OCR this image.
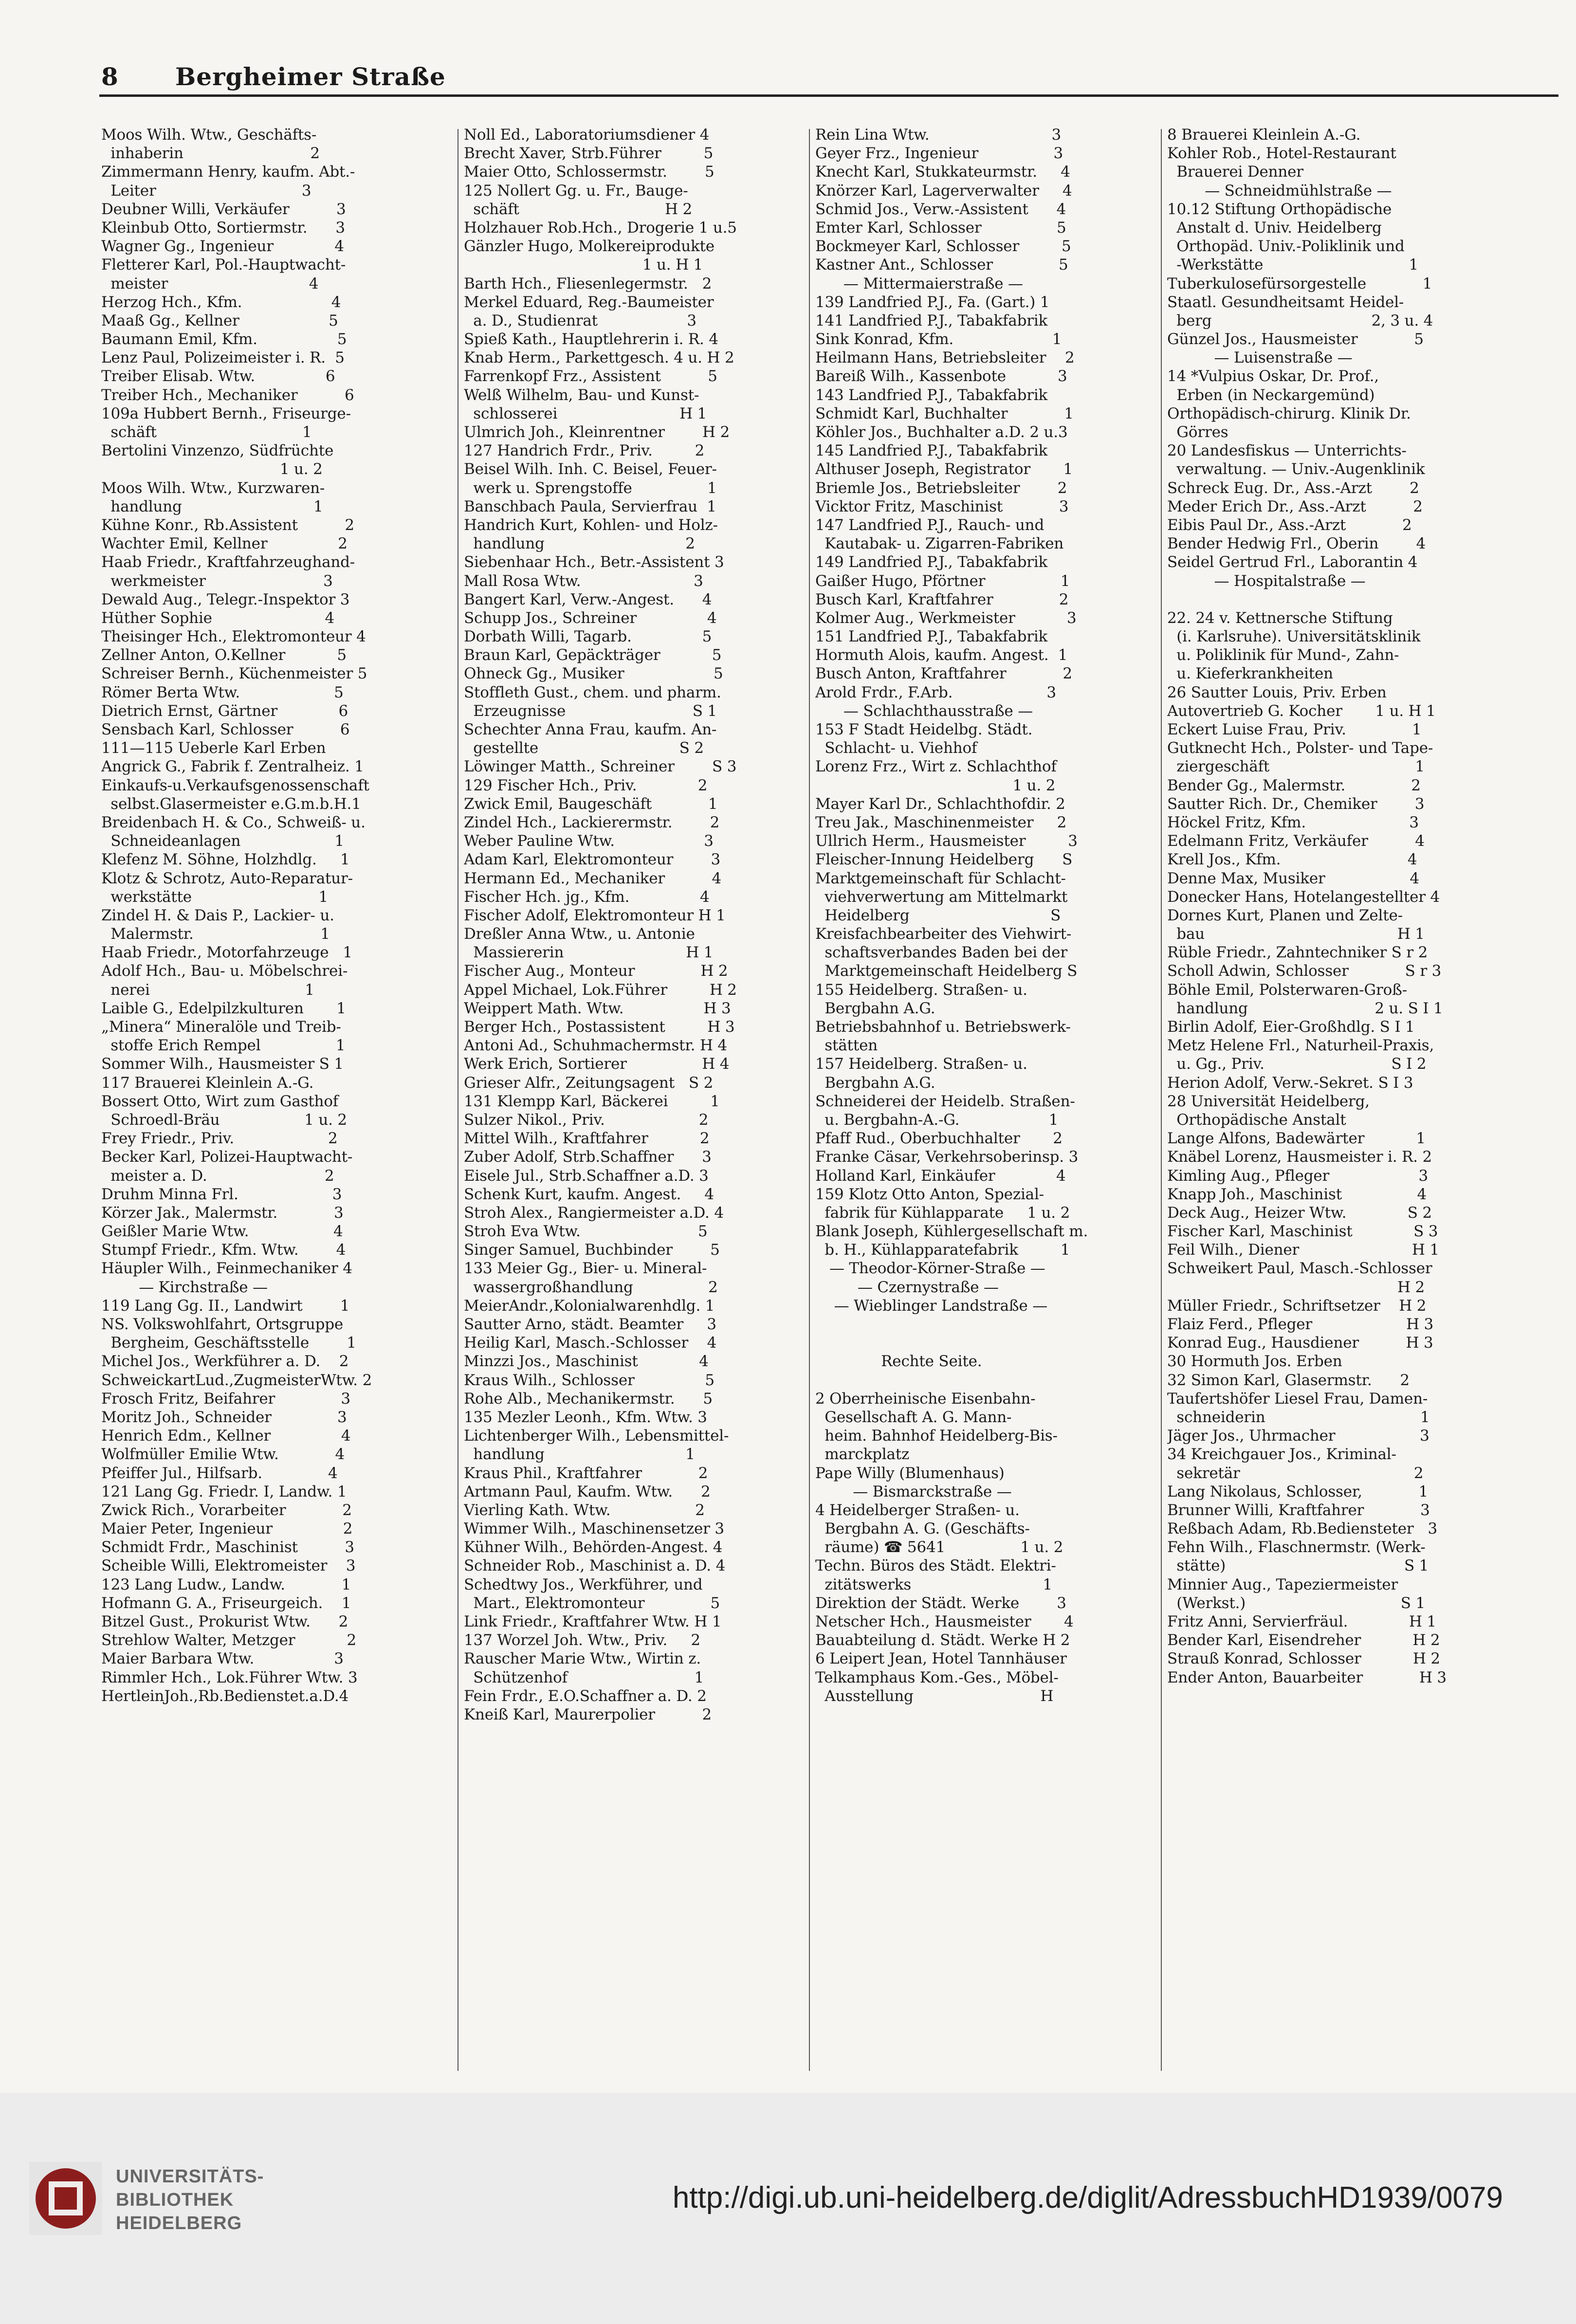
8 Bergheimer Straße
Moos Wilh. Wtw., Geschäfts-
inhaberin                           2
Zimmermann Henry, kaufm. Abt.-
Leiter                               3
Deubner Willi, Verkäufer          3
Kleinbub Otto, Sortiermstr.      3
Wagner Gg., Ingenieur             4
Fletterer Karl, Pol.-Hauptwacht-
meister                              4
Herzog Hch., Kfm.                   4
Maaß Gg., Kellner                   5
Baumann Emil, Kfm.                 5
Lenz Paul, Polizeimeister i. R.  5
Treiber Elisab. Wtw.               6
Treiber Hch., Mechaniker          6
109a Hubbert Bernh., Friseurge-
schäft                               1
Bertolini Vinzenzo, Südfrüchte
1 u. 2
Moos Wilh. Wtw., Kurzwaren-
handlung                            1
Kühne Konr., Rb.Assistent          2
Wachter Emil, Kellner               2
Haab Friedr., Kraftfahrzeughand-
werkmeister                         3
Dewald Aug., Telegr.-Inspektor 3
Hüther Sophie                        4
Theisinger Hch., Elektromonteur 4
Zellner Anton, O.Kellner           5
Schreiser Bernh., Küchenmeister 5
Römer Berta Wtw.                    5
Dietrich Ernst, Gärtner             6
Sensbach Karl, Schlosser          6
111—115 Ueberle Karl Erben
Angrick G., Fabrik f. Zentralheiz. 1
Einkaufs-u.Verkaufsgenossenschaft
selbst.Glasermeister e.G.m.b.H.1
Breidenbach H. & Co., Schweiß- u.
Schneideanlagen                    1
Klefenz M. Söhne, Holzhdlg.     1
Klotz & Schrotz, Auto-Reparatur-
werkstätte                           1
Zindel H. & Dais P., Lackier- u.
Malermstr.                           1
Haab Friedr., Motorfahrzeuge   1
Adolf Hch., Bau- u. Möbelschrei-
nerei                                 1
Laible G., Edelpilzkulturen       1
„Minera“ Mineralöle und Treib-
stoffe Erich Rempel                1
Sommer Wilh., Hausmeister S 1
117 Brauerei Kleinlein A.-G.
Bossert Otto, Wirt zum Gasthof
Schroedl-Bräu                  1 u. 2
Frey Friedr., Priv.                    2
Becker Karl, Polizei-Hauptwacht-
meister a. D.                         2
Druhm Minna Frl.                    3
Körzer Jak., Malermstr.            3
Geißler Marie Wtw.                  4
Stumpf Friedr., Kfm. Wtw.        4
Häupler Wilh., Feinmechaniker 4
— Kirchstraße —
119 Lang Gg. II., Landwirt        1
NS. Volkswohlfahrt, Ortsgruppe
Bergheim, Geschäftsstelle        1
Michel Jos., Werkführer a. D.    2
SchweickartLud.,ZugmeisterWtw. 2
Frosch Fritz, Beifahrer              3
Moritz Joh., Schneider              3
Henrich Edm., Kellner               4
Wolfmüller Emilie Wtw.            4
Pfeiffer Jul., Hilfsarb.              4
121 Lang Gg. Friedr. I, Landw. 1
Zwick Rich., Vorarbeiter            2
Maier Peter, Ingenieur               2
Schmidt Frdr., Maschinist          3
Scheible Willi, Elektromeister    3
123 Lang Ludw., Landw.            1
Hofmann G. A., Friseurgeich.    1
Bitzel Gust., Prokurist Wtw.      2
Strehlow Walter, Metzger           2
Maier Barbara Wtw.                 3
Rimmler Hch., Lok.Führer Wtw. 3
HertleinJoh.,Rb.Bedienstet.a.D.4
Noll Ed., Laboratoriumsdiener 4
Brecht Xaver, Strb.Führer         5
Maier Otto, Schlossermstr.        5
125 Nollert Gg. u. Fr., Bauge-
schäft                               H 2
Holzhauer Rob.Hch., Drogerie 1 u.5
Gänzler Hugo, Molkereiprodukte
1 u. H 1
Barth Hch., Fliesenlegermstr.   2
Merkel Eduard, Reg.-Baumeister
a. D., Studienrat                   3
Spieß Kath., Hauptlehrerin i. R. 4
Knab Herm., Parkettgesch. 4 u. H 2
Farrenkopf Frz., Assistent          5
Welß Wilhelm, Bau- und Kunst-
schlosserei                          H 1
Ulmrich Joh., Kleinrentner        H 2
127 Handrich Frdr., Priv.         2
Beisel Wilh. Inh. C. Beisel, Feuer-
werk u. Sprengstoffe                1
Banschbach Paula, Servierfrau  1
Handrich Kurt, Kohlen- und Holz-
handlung                              2
Siebenhaar Hch., Betr.-Assistent 3
Mall Rosa Wtw.                        3
Bangert Karl, Verw.-Angest.      4
Schupp Jos., Schreiner               4
Dorbath Willi, Tagarb.               5
Braun Karl, Gepäckträger           5
Ohneck Gg., Musiker                   5
Stoffleth Gust., chem. und pharm.
Erzeugnisse                           S 1
Schechter Anna Frau, kaufm. An-
gestellte                              S 2
Löwinger Matth., Schreiner        S 3
129 Fischer Hch., Priv.             2
Zwick Emil, Baugeschäft            1
Zindel Hch., Lackierermstr.        2
Weber Pauline Wtw.                   3
Adam Karl, Elektromonteur        3
Hermann Ed., Mechaniker          4
Fischer Hch. jg., Kfm.               4
Fischer Adolf, Elektromonteur H 1
Dreßler Anna Wtw., u. Antonie
Massiererin                          H 1
Fischer Aug., Monteur              H 2
Appel Michael, Lok.Führer         H 2
Weippert Math. Wtw.                 H 3
Berger Hch., Postassistent         H 3
Antoni Ad., Schuhmachermstr. H 4
Werk Erich, Sortierer                H 4
Grieser Alfr., Zeitungsagent   S 2
131 Klempp Karl, Bäckerei         1
Sulzer Nikol., Priv.                    2
Mittel Wilh., Kraftfahrer           2
Zuber Adolf, Strb.Schaffner      3
Eisele Jul., Strb.Schaffner a.D. 3
Schenk Kurt, kaufm. Angest.     4
Stroh Alex., Rangiermeister a.D. 4
Stroh Eva Wtw.                         5
Singer Samuel, Buchbinder        5
133 Meier Gg., Bier- u. Mineral-
wassergroßhandlung                2
MeierAndr.,Kolonialwarenhdlg. 1
Sautter Arno, städt. Beamter     3
Heilig Karl, Masch.-Schlosser    4
Minzzi Jos., Maschinist             4
Kraus Wilh., Schlosser               5
Rohe Alb., Mechanikermstr.      5
135 Mezler Leonh., Kfm. Wtw. 3
Lichtenberger Wilh., Lebensmittel-
handlung                              1
Kraus Phil., Kraftfahrer            2
Artmann Paul, Kaufm. Wtw.      2
Vierling Kath. Wtw.                  2
Wimmer Wilh., Maschinensetzer 3
Kühner Wilh., Behörden-Angest. 4
Schneider Rob., Maschinist a. D. 4
Schedtwy Jos., Werkführer, und
Mart., Elektromonteur              5
Link Friedr., Kraftfahrer Wtw. H 1
137 Worzel Joh. Wtw., Priv.     2
Rauscher Marie Wtw., Wirtin z.
Schützenhof                           1
Fein Frdr., E.O.Schaffner a. D. 2
Kneiß Karl, Maurerpolier          2
Rein Lina Wtw.                          3
Geyer Frz., Ingenieur                3
Knecht Karl, Stukkateurmstr.     4
Knörzer Karl, Lagerverwalter     4
Schmid Jos., Verw.-Assistent      4
Emter Karl, Schlosser                5
Bockmeyer Karl, Schlosser         5
Kastner Ant., Schlosser              5
— Mittermaierstraße —
139 Landfried P.J., Fa. (Gart.) 1
141 Landfried P.J., Tabakfabrik
Sink Konrad, Kfm.                     1
Heilmann Hans, Betriebsleiter    2
Bareiß Wilh., Kassenbote           3
143 Landfried P.J., Tabakfabrik
Schmidt Karl, Buchhalter            1
Köhler Jos., Buchhalter a.D. 2 u.3
145 Landfried P.J., Tabakfabrik
Althuser Joseph, Registrator       1
Briemle Jos., Betriebsleiter        2
Vicktor Fritz, Maschinist            3
147 Landfried P.J., Rauch- und
Kautabak- u. Zigarren-Fabriken
149 Landfried P.J., Tabakfabrik
Gaißer Hugo, Pförtner                1
Busch Karl, Kraftfahrer              2
Kolmer Aug., Werkmeister           3
151 Landfried P.J., Tabakfabrik
Hormuth Alois, kaufm. Angest.  1
Busch Anton, Kraftfahrer            2
Arold Frdr., F.Arb.                    3
— Schlachthausstraße —
153 F Stadt Heidelbg. Städt.
Schlacht- u. Viehhof
Lorenz Frz., Wirt z. Schlachthof
1 u. 2
Mayer Karl Dr., Schlachthofdir. 2
Treu Jak., Maschinenmeister     2
Ullrich Herm., Hausmeister         3
Fleischer-Innung Heidelberg      S
Marktgemeinschaft für Schlacht-
viehverwertung am Mittelmarkt
Heidelberg                              S
Kreisfachbearbeiter des Viehwirt-
schaftsverbandes Baden bei der
Marktgemeinschaft Heidelberg S
155 Heidelberg. Straßen- u.
Bergbahn A.G.
Betriebsbahnhof u. Betriebswerk-
stätten
157 Heidelberg. Straßen- u.
Bergbahn A.G.
Schneiderei der Heidelb. Straßen-
u. Bergbahn-A.-G.                   1
Pfaff Rud., Oberbuchhalter       2
Franke Cäsar, Verkehrsoberinsp. 3
Holland Karl, Einkäufer             4
159 Klotz Otto Anton, Spezial-
fabrik für Kühlapparate     1 u. 2
Blank Joseph, Kühlergesellschaft m.
b. H., Kühlapparatefabrik         1
— Theodor-Körner-Straße —
— Czernystraße —
— Wieblinger Landstraße —
Rechte Seite.
2 Oberrheinische Eisenbahn-
Gesellschaft A. G. Mann-
heim. Bahnhof Heidelberg-Bis-
marckplatz
Pape Willy (Blumenhaus)
— Bismarckstraße —
4 Heidelberger Straßen- u.
Bergbahn A. G. (Geschäfts-
räume) ☎ 5641                1 u. 2
Techn. Büros des Städt. Elektri-
zitätswerks                            1
Direktion der Städt. Werke        3
Netscher Hch., Hausmeister       4
Bauabteilung d. Städt. Werke H 2
6 Leipert Jean, Hotel Tannhäuser
Telkamphaus Kom.-Ges., Möbel-
Ausstellung                           H
8 Brauerei Kleinlein A.-G.
Kohler Rob., Hotel-Restaurant
Brauerei Denner
— Schneidmühlstraße —
10.12 Stiftung Orthopädische
Anstalt d. Univ. Heidelberg
Orthopäd. Univ.-Poliklinik und
-Werkstätte                               1
Tuberkulosefürsorgestelle            1
Staatl. Gesundheitsamt Heidel-
berg                                  2, 3 u. 4
Günzel Jos., Hausmeister            5
— Luisenstraße —
14 *Vulpius Oskar, Dr. Prof.,
Erben (in Neckargemünd)
Orthopädisch-chirurg. Klinik Dr.
Görres
20 Landesfiskus — Unterrichts-
verwaltung. — Univ.-Augenklinik
Schreck Eug. Dr., Ass.-Arzt        2
Meder Erich Dr., Ass.-Arzt          2
Eibis Paul Dr., Ass.-Arzt            2
Bender Hedwig Frl., Oberin        4
Seidel Gertrud Frl., Laborantin 4
— Hospitalstraße —
22. 24 v. Kettnersche Stiftung
(i. Karlsruhe). Universitätsklinik
u. Poliklinik für Mund-, Zahn-
u. Kieferkrankheiten
26 Sautter Louis, Priv. Erben
Autovertrieb G. Kocher       1 u. H 1
Eckert Luise Frau, Priv.              1
Gutknecht Hch., Polster- und Tape-
ziergeschäft                               1
Bender Gg., Malermstr.              2
Sautter Rich. Dr., Chemiker        3
Höckel Fritz, Kfm.                      3
Edelmann Fritz, Verkäufer          4
Krell Jos., Kfm.                           4
Denne Max, Musiker                  4
Donecker Hans, Hotelangestellter 4
Dornes Kurt, Planen und Zelte-
bau                                         H 1
Rüble Friedr., Zahntechniker S r 2
Scholl Adwin, Schlosser            S r 3
Böhle Emil, Polsterwaren-Groß-
handlung                           2 u. S I 1
Birlin Adolf, Eier-Großhdlg. S I 1
Metz Helene Frl., Naturheil-Praxis,
u. Gg., Priv.                           S I 2
Herion Adolf, Verw.-Sekret. S I 3
28 Universität Heidelberg,
Orthopädische Anstalt
Lange Alfons, Badewärter           1
Knäbel Lorenz, Hausmeister i. R. 2
Kimling Aug., Pfleger                   3
Knapp Joh., Maschinist                4
Deck Aug., Heizer Wtw.             S 2
Fischer Karl, Maschinist             S 3
Feil Wilh., Diener                        H 1
Schweikert Paul, Masch.-Schlosser
H 2
Müller Friedr., Schriftsetzer    H 2
Flaiz Ferd., Pfleger                    H 3
Konrad Eug., Hausdiener          H 3
30 Hormuth Jos. Erben
32 Simon Karl, Glasermstr.      2
Taufertshöfer Liesel Frau, Damen-
schneiderin                                 1
Jäger Jos., Uhrmacher                  3
34 Kreichgauer Jos., Kriminal-
sekretär                                     2
Lang Nikolaus, Schlosser,            1
Brunner Willi, Kraftfahrer            3
Reßbach Adam, Rb.Bediensteter   3
Fehn Wilh., Flaschnermstr. (Werk-
stätte)                                      S 1
Minnier Aug., Tapeziermeister
(Werkst.)                                 S 1
Fritz Anni, Servierfräul.             H 1
Bender Karl, Eisendreher           H 2
Strauß Konrad, Schlosser           H 2
Ender Anton, Bauarbeiter            H 3
UNIVERSITÄTS-
BIBLIOTHEK
HEIDELBERG
http://digi.ub.uni-heidelberg.de/diglit/AdressbuchHD1939/0079
